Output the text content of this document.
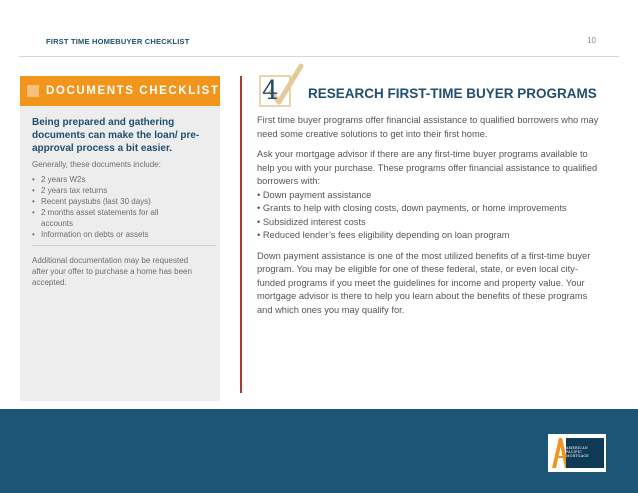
FIRST TIME HOMEBUYER CHECKLIST	10
DOCUMENTS CHECKLIST
Being prepared and gathering documents can make the loan/ pre-approval process a bit easier.
Generally, these documents include:
• 2 years W2s
• 2 years tax returns
• Recent paystubs (last 30 days)
• 2 months asset statements for all accounts
• Information on debts or assets
Additional documentation may be requested after your offer to purchase a home has been accepted.
4 RESEARCH FIRST-TIME BUYER PROGRAMS

First time buyer programs offer financial assistance to qualified borrowers who may need some creative solutions to get into their first home.

Ask your mortgage advisor if there are any first-time buyer programs available to help you with your purchase. These programs offer financial assistance to qualified borrowers with:

• Down payment assistance
• Grants to help with closing costs, down payments, or home improvements
• Subsidized interest costs
• Reduced lender’s fees eligibility depending on loan program

Down payment assistance is one of the most utilized benefits of a first-time buyer program. You may be eligible for one of these federal, state, or even local city-funded programs if you meet the guidelines for income and property value. Your mortgage advisor is there to help you learn about the benefits of these programs and which ones you may qualify for.

apmortgage.com |
AMERICAN
PACIFIC
MORTGAGE
